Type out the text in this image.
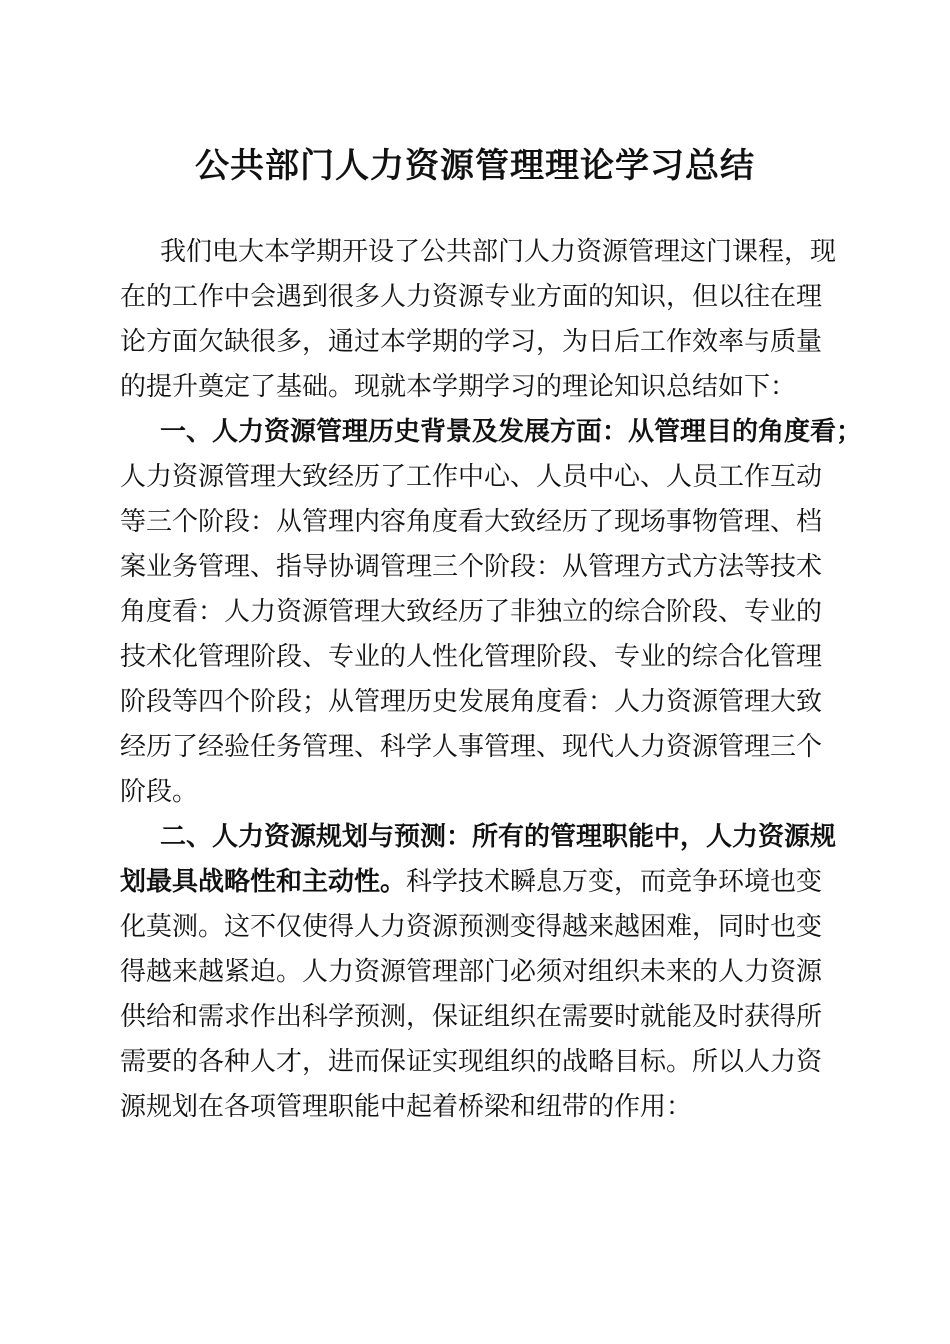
公共部门人力资源管理理论学习总结
我们电大本学期开设了公共部门人力资源管理这门课程，现
在的工作中会遇到很多人力资源专业方面的知识，但以往在理
论方面欠缺很多，通过本学期的学习，为日后工作效率与质量
的提升奠定了基础。现就本学期学习的理论知识总结如下：
一、人力资源管理历史背景及发展方面：从管理目的角度看；
人力资源管理大致经历了工作中心、人员中心、人员工作互动
等三个阶段：从管理内容角度看大致经历了现场事物管理、档
案业务管理、指导协调管理三个阶段：从管理方式方法等技术
角度看：人力资源管理大致经历了非独立的综合阶段、专业的
技术化管理阶段、专业的人性化管理阶段、专业的综合化管理
阶段等四个阶段；从管理历史发展角度看：人力资源管理大致
经历了经验任务管理、科学人事管理、现代人力资源管理三个
阶段。
二、人力资源规划与预测：所有的管理职能中，人力资源规
划最具战略性和主动性。科学技术瞬息万变，而竞争环境也变
化莫测。这不仅使得人力资源预测变得越来越困难，同时也变
得越来越紧迫。人力资源管理部门必须对组织未来的人力资源
供给和需求作出科学预测，保证组织在需要时就能及时获得所
需要的各种人才，进而保证实现组织的战略目标。所以人力资
源规划在各项管理职能中起着桥梁和纽带的作用：
